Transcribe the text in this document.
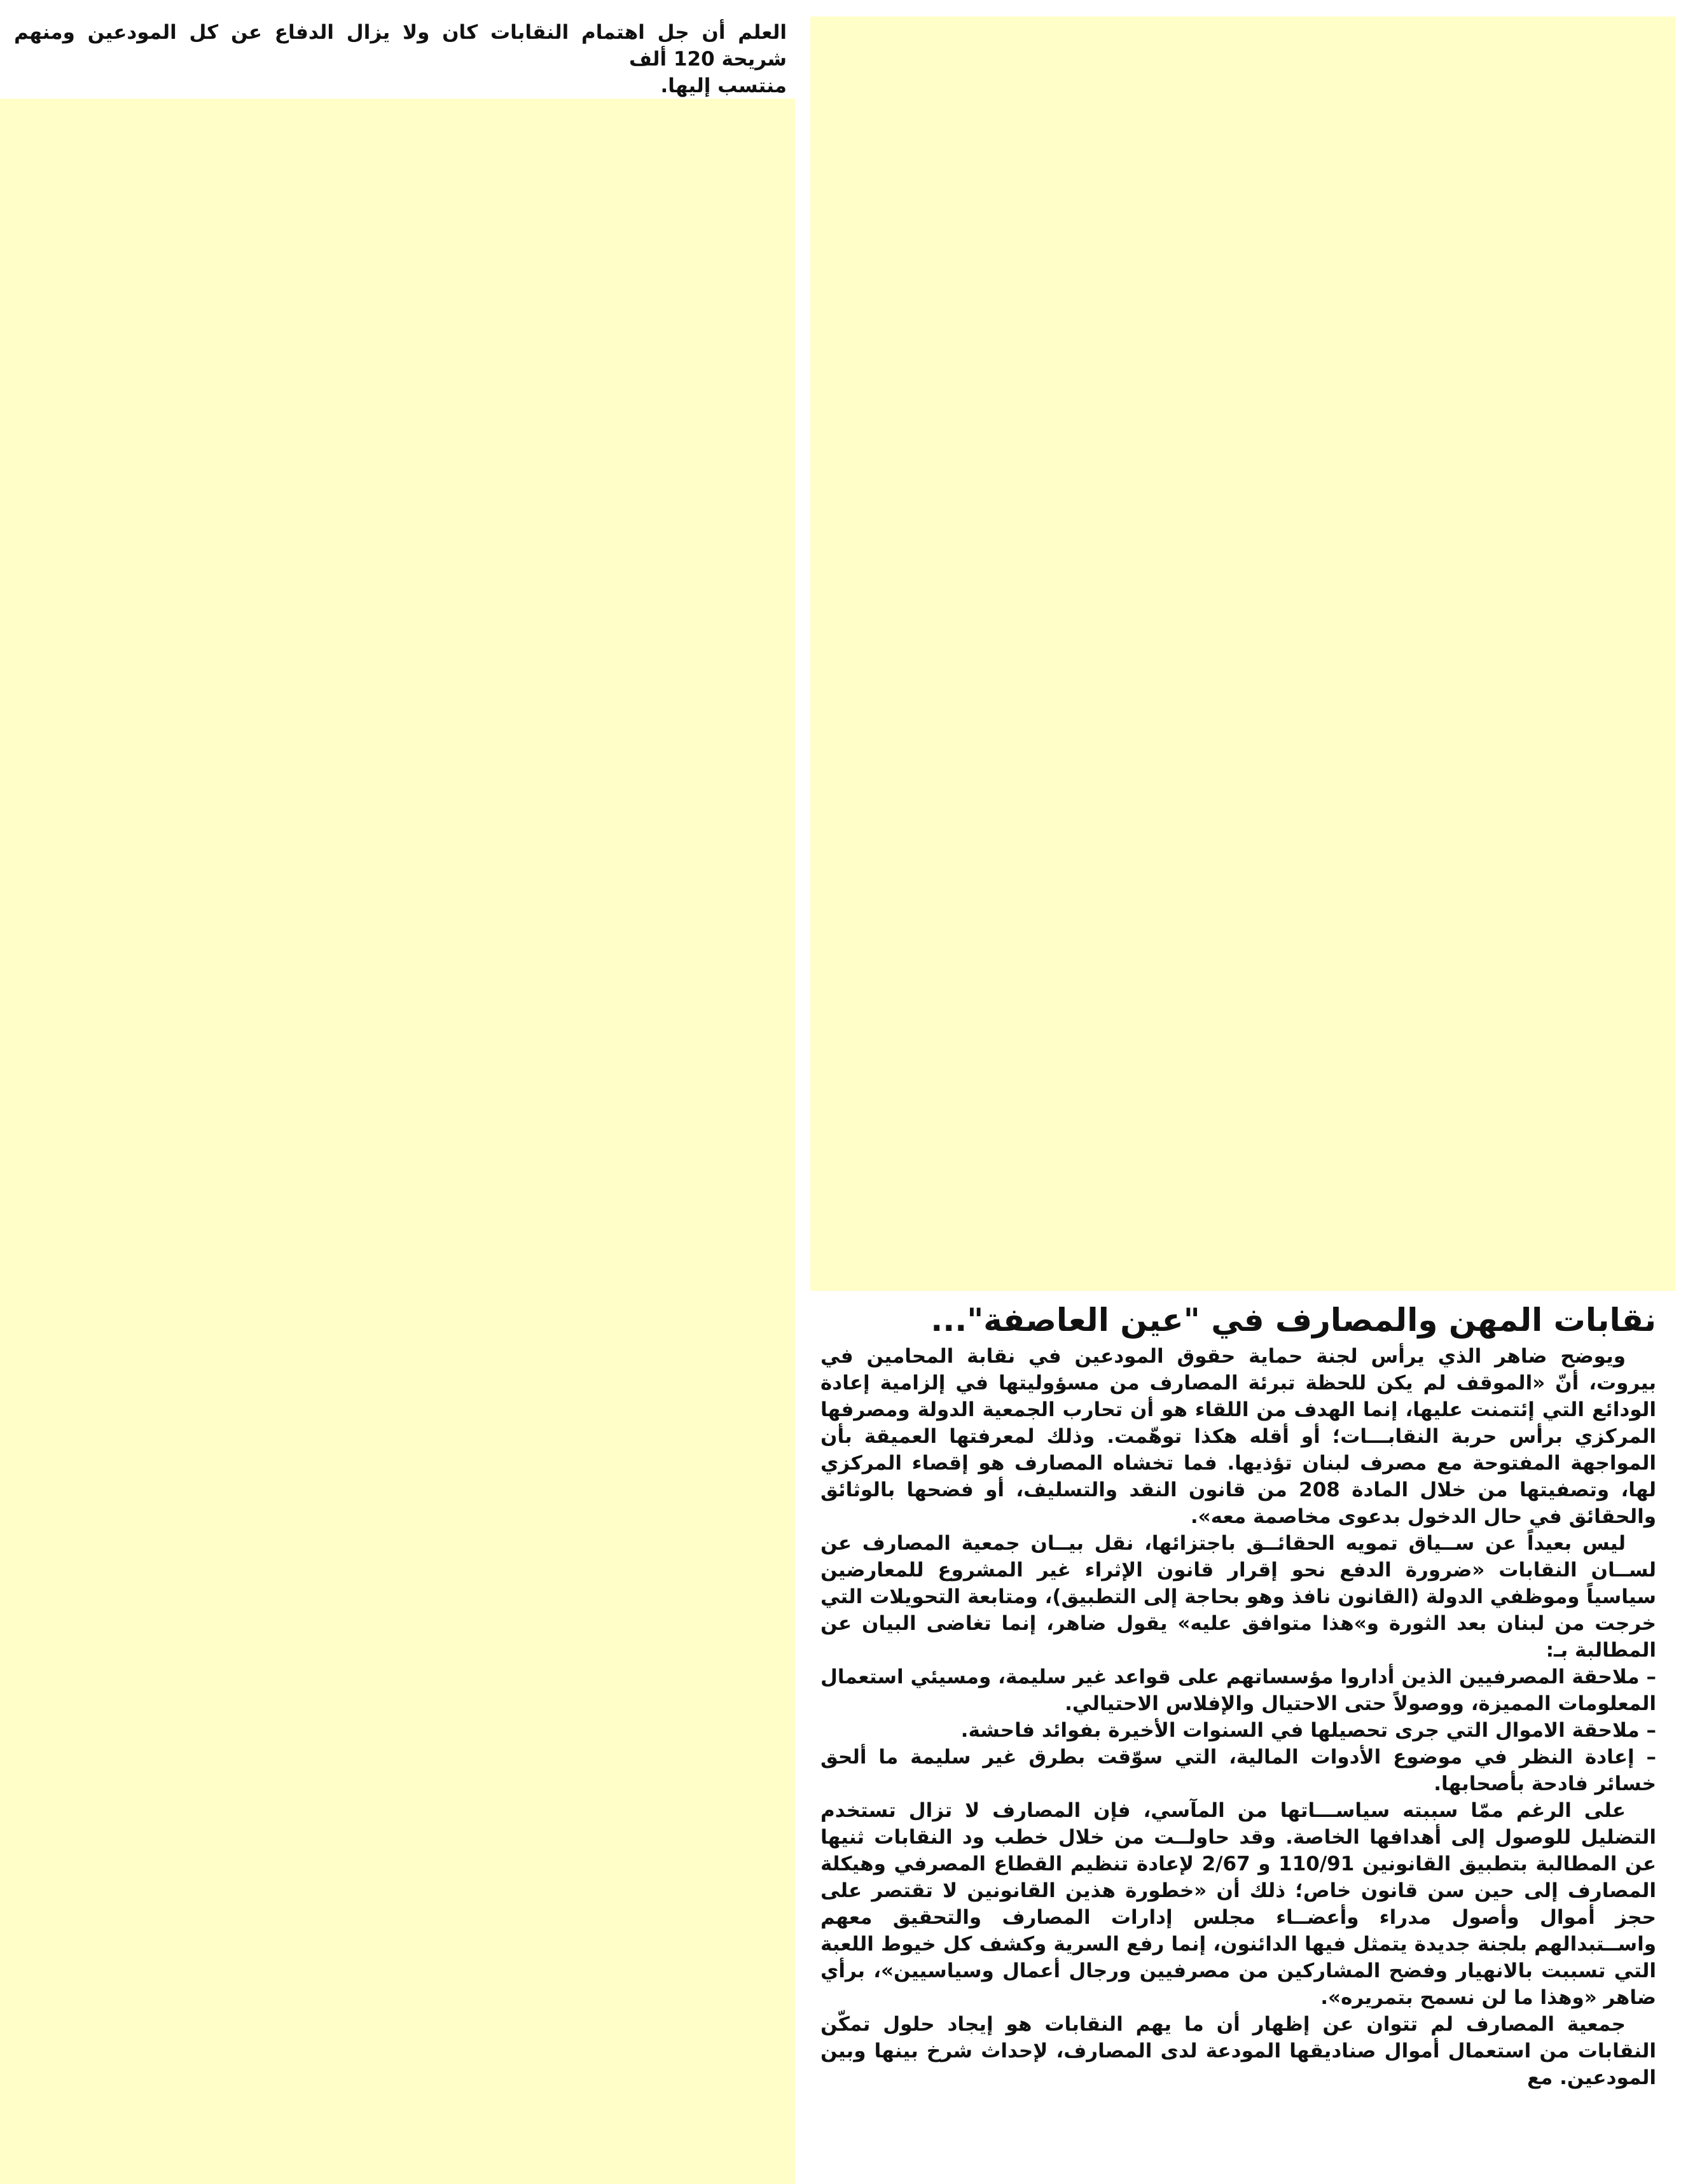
العلم أن جل اهتمام النقابات كان ولا يزال الدفاع عن كل المودعين ومنهم شريحة 120 ألف

منتسب إليها.

نقابات المهن والمصارف في "عين العاصفة"...

ويوضح ضاهر الذي يرأس لجنة حماية حقوق المودعين في نقابة المحامين في بيروت، أنّ «الموقف لم يكن للحظة تبرئة المصارف من مسؤوليتها في إلزامية إعادة الودائع التي إئتمنت عليها، إنما الهدف من اللقاء هو أن تحارب الجمعية الدولة ومصرفها المركزي برأس حربة النقابـــات؛ أو أقله هكذا توهّمت. وذلك لمعرفتها العميقة بأن المواجهة المفتوحة مع مصرف لبنان تؤذيها. فما تخشاه المصارف هو إقصاء المركزي لها، وتصفيتها من خلال المادة 208 من قانون النقد والتسليف، أو فضحها بالوثائق والحقائق في حال الدخول بدعوى مخاصمة معه».

ليس بعيداً عن ســياق تمويه الحقائــق باجتزائها، نقل بيــان جمعية المصارف عن لســان النقابات «ضرورة الدفع نحو إقرار قانون الإثراء غير المشروع للمعارضين سياسياً وموظفي الدولة (القانون نافذ وهو بحاجة إلى التطبيق)، ومتابعة التحويلات التي خرجت من لبنان بعد الثورة و»هذا متوافق عليه» يقول ضاهر، إنما تغاضى البيان عن المطالبة بـ:

– ملاحقة المصرفيين الذين أداروا مؤسساتهم على قواعد غير سليمة، ومسيئي استعمال المعلومات المميزة، ووصولاً حتى الاحتيال والإفلاس الاحتيالي.

– ملاحقة الاموال التي جرى تحصيلها في السنوات الأخيرة بفوائد فاحشة.

– إعادة النظر في موضوع الأدوات المالية، التي سوّقت بطرق غير سليمة ما ألحق خسائر فادحة بأصحابها.

على الرغم ممّا سببته سياســـاتها من المآسي، فإن المصارف لا تزال تستخدم التضليل للوصول إلى أهدافها الخاصة. وقد حاولــت من خلال خطب ود النقابات ثنيها عن المطالبة بتطبيق القانونين 110/91 و 2/67 لإعادة تنظيم القطاع المصرفي وهيكلة المصارف إلى حين سن قانون خاص؛ ذلك أن «خطورة هذين القانونين لا تقتصر على حجز أموال وأصول مدراء وأعضــاء مجلس إدارات المصارف والتحقيق معهم واســتبدالهم بلجنة جديدة يتمثل فيها الدائنون، إنما رفع السرية وكشف كل خيوط اللعبة التي تسببت بالانهيار وفضح المشاركين من مصرفيين ورجال أعمال وسياسيين»، برأي ضاهر «وهذا ما لن نسمح بتمريره».

جمعية المصارف لم تتوان عن إظهار أن ما يهم النقابات هو إيجاد حلول تمكّن النقابات من استعمال أموال صناديقها المودعة لدى المصارف، لإحداث شرخ بينها وبين المودعين. مع
